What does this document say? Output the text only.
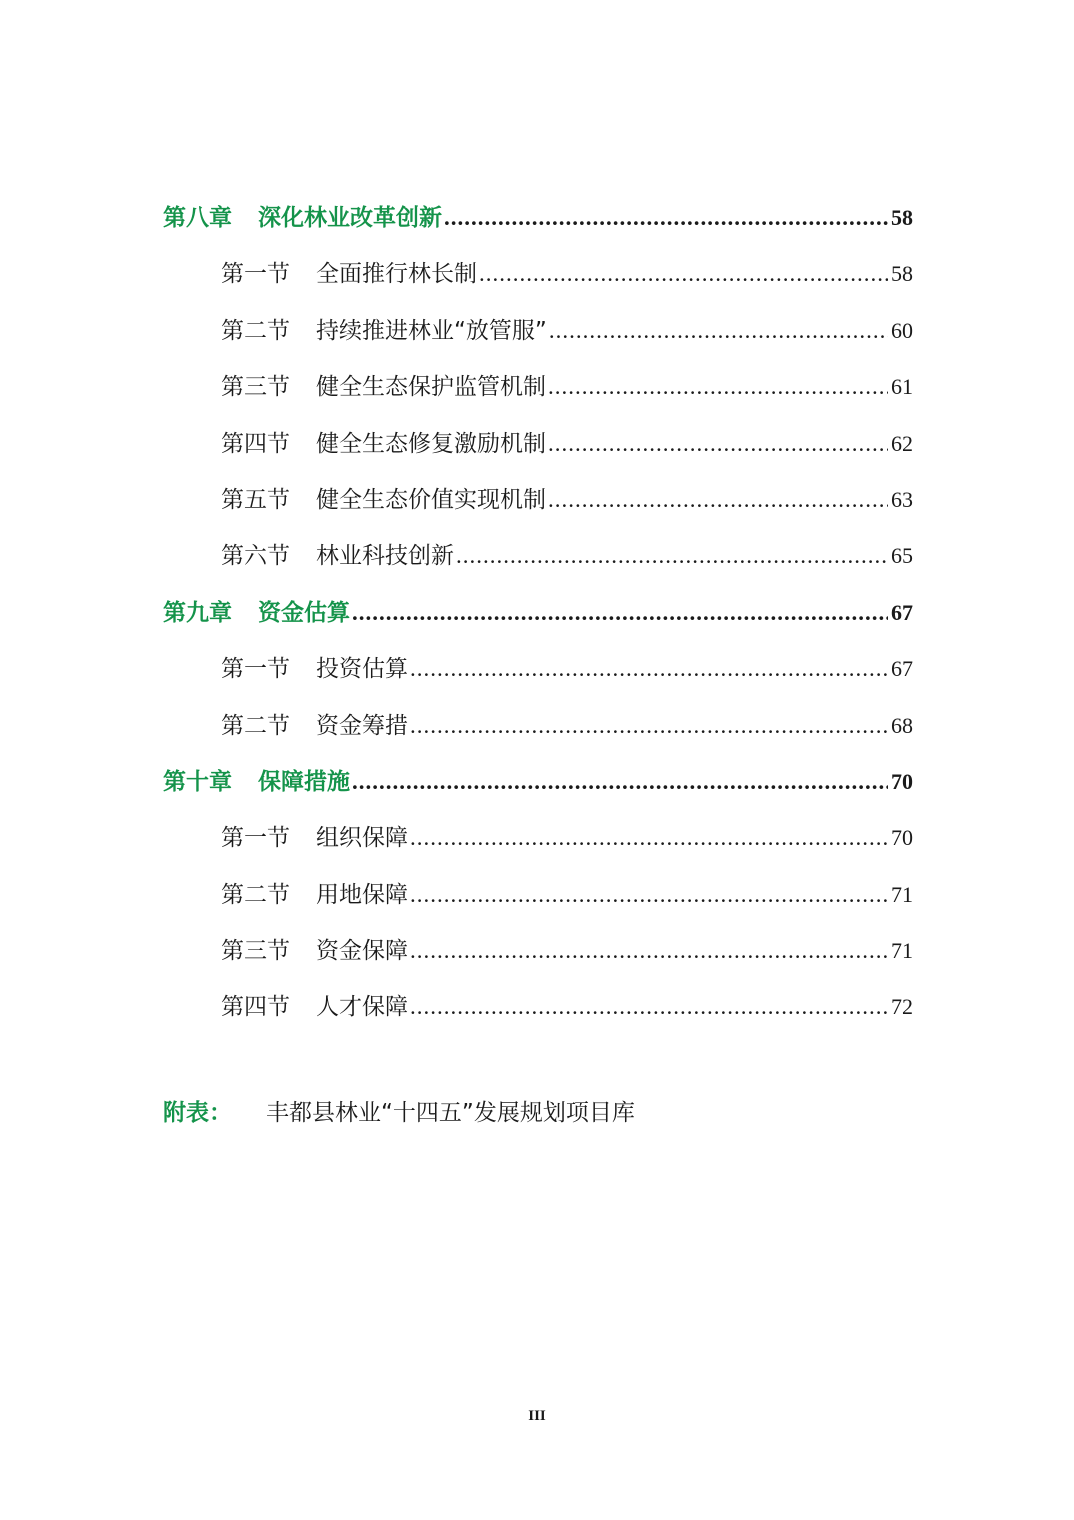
第八章 深化林业改革创新 .....	58
第一节 全面推行林长制 .....	58
第二节 持续推进林业“放管服” .....	60
第三节 健全生态保护监管机制 .....	61
第四节 健全生态修复激励机制 .....	62
第五节 健全生态价值实现机制 .....	63
第六节 林业科技创新 .....	65
第九章 资金估算 .....	67
第一节 投资估算 .....	67
第二节 资金筹措 .....	68
第十章 保障措施 .....	70
第一节 组织保障 .....	70
第二节 用地保障 .....	71
第三节 资金保障 .....	71
第四节 人才保障 .....	72
附表： 丰都县林业“十四五”发展规划项目库
III
